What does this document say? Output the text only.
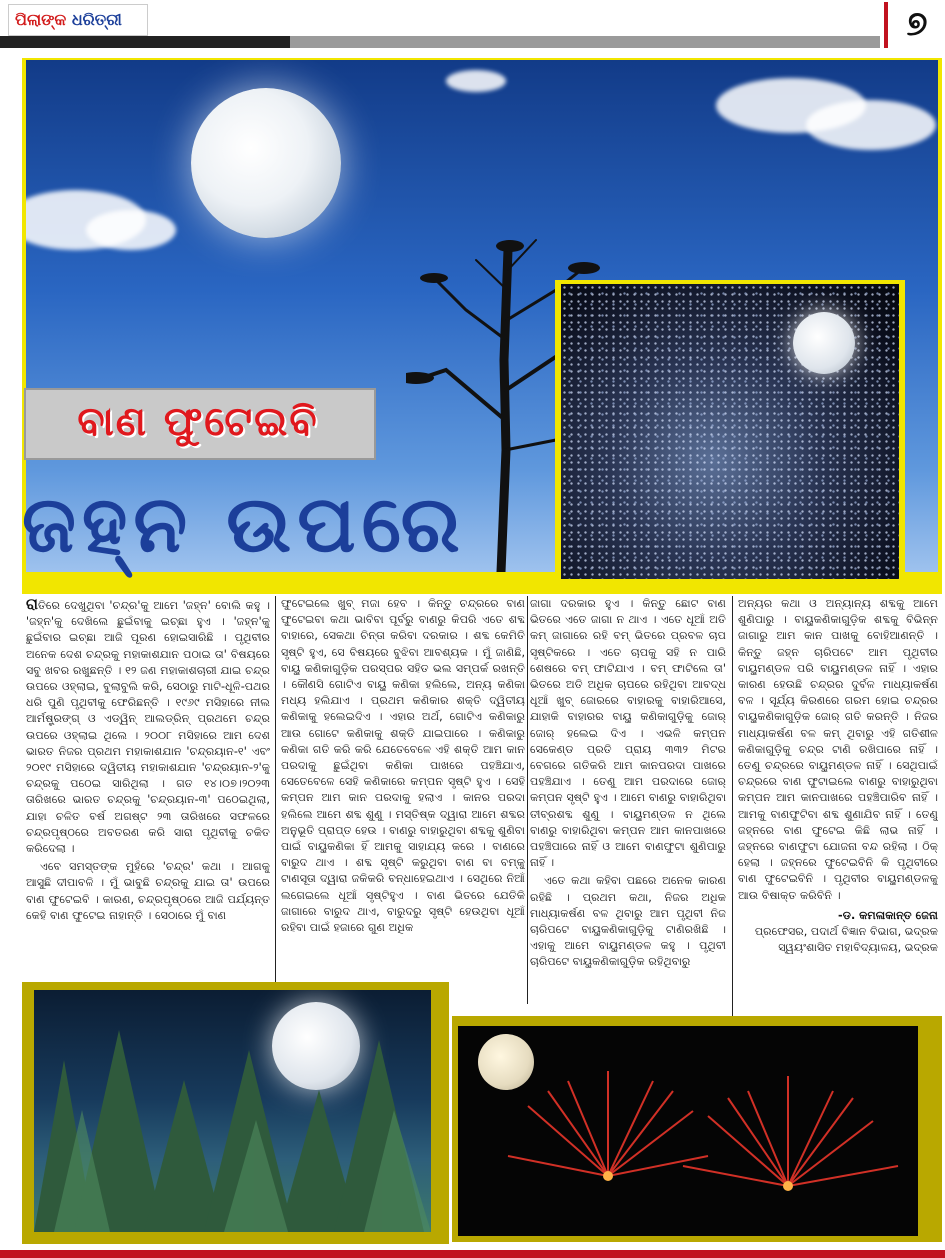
ପିଲାଙ୍କ ଧରିତ୍ରୀ	୭
ବାଣ ଫୁଟେଇବି
ଜହ୍ନ ଉପରେ

ରାତିରେ ଦେଖୁଥିବା 'ଚନ୍ଦ୍ର'କୁ ଆମେ 'ଜହ୍ନ' ବୋଲି କହୁ । 'ଜହ୍ନ'କୁ ଦେଖିଲେ ଛୁଇଁବାକୁ ଇଚ୍ଛା ହୁଏ । 'ଜହ୍ନ'କୁ ଛୁଇଁବାର ଇଚ୍ଛା ଆଜି ପୂରଣ ହୋଇସାରିଛି । ପୃଥିବୀର ଅନେକ ଦେଶ ଚନ୍ଦ୍ରକୁ ମହାକାଶଯାନ ପଠାଇ ତା' ବିଷୟରେ ସବୁ ଖବର ରଖୁଛନ୍ତି । ୧୨ ଜଣ ମହାକାଶଚାରୀ ଯାଇ ଚନ୍ଦ୍ର ଉପରେ ଓହ୍ଲାଇ, ବୁଲାବୁଲି କରି, ସେଠାରୁ ମାଟି-ଧୂଳି-ପଥର ଧରି ପୁଣି ପୃଥିବୀକୁ ଫେରିଛନ୍ତି । ୧୯୬୯ ମସିହାରେ ନୀଲ ଆର୍ମଷ୍ଟ୍ରଙ୍ଗ୍ ଓ ଏଡ୍ୱିନ୍ ଆଲଡ୍ରିନ୍ ପ୍ରଥମେ ଚନ୍ଦ୍ର ଉପରେ ଓହ୍ଲାଇ ଥିଲେ । ୨୦୦୮ ମସିହାରେ ଆମ ଦେଶ ଭାରତ ନିଜର ପ୍ରଥମ ମହାକାଶଯାନ 'ଚନ୍ଦ୍ରୟାନ-୧' ଏବଂ ୨୦୧୯ ମସିହାରେ ଦ୍ୱିତୀୟ ମହାକାଶଯାନ 'ଚନ୍ଦ୍ରୟାନ-୨'କୁ ଚନ୍ଦ୍ରକୁ ପଠେଇ ସାରିଥିଲା । ଗତ ୧୪।୦୭।୨୦୨୩ ତାରିଖରେ ଭାରତ ଚନ୍ଦ୍ରକୁ 'ଚନ୍ଦ୍ରୟାନ-୩' ପଠେଇଥିଲା, ଯାହା ଚଳିତ ବର୍ଷ ଅଗଷ୍ଟ ୨୩ ତାରିଖରେ ସଫଳରେ ଚନ୍ଦ୍ରପୃଷ୍ଠରେ ଅବତରଣ କରି ସାରା ପୃଥିବୀକୁ ଚକିତ କରିଦେଲା ।

ଏବେ ସମସ୍ତଙ୍କ ମୁହଁରେ 'ଚନ୍ଦ୍ର' କଥା । ଆଗକୁ ଆସୁଛି ଦୀପାବଳି । ମୁଁ ଭାବୁଛି ଚନ୍ଦ୍ରକୁ ଯାଇ ତା' ଉପରେ ବାଣ ଫୁଟେଇବି । କାରଣ, ଚନ୍ଦ୍ରପୃଷ୍ଠରେ ଆଜି ପର୍ଯ୍ୟନ୍ତ କେହି ବାଣ ଫୁଟେଇ ନାହାନ୍ତି । ସେଠାରେ ମୁଁ ବାଣ

ଫୁଟେଇଲେ ଖୁବ୍ ମଜା ହେବ । କିନ୍ତୁ ଚନ୍ଦ୍ରରେ ବାଣ ଫୁଟେଇବା କଥା ଭାବିବା ପୂର୍ବରୁ ବାଣରୁ କିପରି ଏତେ ଶବ୍ଦ ବାହାରେ, ସେକଥା ଚିନ୍ତା କରିବା ଦରକାର । ଶବ୍ଦ କେମିତି ସୃଷ୍ଟି ହୁଏ, ସେ ବିଷୟରେ ବୁଝିବା ଆବଶ୍ୟକ । ମୁଁ ଜାଣିଛି, ବାୟୁ କଣିକାଗୁଡ଼ିକ ପରସ୍ପର ସହିତ ଭଲ ସମ୍ପର୍କ ରଖନ୍ତି । କୌଣସି ଗୋଟିଏ ବାୟୁ କଣିକା ହଲିଲେ, ଅନ୍ୟ କଣିକା ମଧ୍ୟ ହଲିଯାଏ । ପ୍ରଥମ କଣିକାର ଶକ୍ତି ଦ୍ୱିତୀୟ କଣିକାକୁ ହଲେଇଦିଏ । ଏହାର ଅର୍ଥ, ଗୋଟିଏ କଣିକାରୁ ଆଉ ଗୋଟେ କଣିକାକୁ ଶକ୍ତି ଯାଇପାରେ । କଣିକାରୁ କଣିକା ଗତି କରି କରି ଯେତେବେଳେ ଏହି ଶକ୍ତି ଆମ କାନ ପରଦାକୁ ଛୁଇଁଥିବା କଣିକା ପାଖରେ ପହଞ୍ଚିଯାଏ, ସେତେବେଳେ ସେହି କଣିକାରେ କମ୍ପନ ସୃଷ୍ଟି ହୁଏ । ସେହି କମ୍ପନ ଆମ କାନ ପରଦାକୁ ହଲାଏ । କାନର ପରଦା ହଲିଲେ ଆମେ ଶବ୍ଦ ଶୁଣୁ । ମସ୍ତିଷ୍କ ଦ୍ୱାରା ଆମେ ଶବ୍ଦର ଅନୁଭୂତି ପ୍ରାପ୍ତ ହେଉ । ବାଣରୁ ବାହାରୁଥିବା ଶବ୍ଦକୁ ଶୁଣିବା ପାଇଁ ବାୟୁକଣିକା ହିଁ ଆମକୁ ସାହାଯ୍ୟ କରେ । ବାଣରେ ବାରୁଦ ଥାଏ । ଶବ୍ଦ ସୃଷ୍ଟି କରୁଥିବା ବାଣ ବା ବମ୍‌କୁ ଟାଣସୂତା ଦ୍ୱାରା ଜକିକରି ବନ୍ଧାହେଇଥାଏ । ସେଥିରେ ନିଆଁ ଲଗେଇଲେ ଧୂଆଁ ସୃଷ୍ଟିହୁଏ । ବାଣ ଭିତରେ ଯେତିକି ଜାଗାରେ ବାରୁଦ ଥାଏ, ବାରୁଦରୁ ସୃଷ୍ଟି ହେଉଥିବା ଧୂଆଁ ରହିବା ପାଇଁ ହଜାରେ ଗୁଣ ଅଧିକ

ଜାଗା ଦରକାର ହୁଏ । କିନ୍ତୁ ଛୋଟ ବାଣ ଭିତରେ ଏତେ ଜାଗା ନ ଥାଏ । ଏତେ ଧୂଆଁ ଅତି କମ୍ ଜାଗାରେ ରହି ବମ୍ ଭିତରେ ପ୍ରବଳ ଚାପ ସୃଷ୍ଟିକରେ । ଏତେ ଚାପକୁ ସହି ନ ପାରି ଶେଷରେ ବମ୍ ଫାଟିଯାଏ । ବମ୍ ଫାଟିଲେ ତା' ଭିତରେ ଅତି ଅଧିକ ଚାପରେ ରହିଥିବା ଆବଦ୍ଧ ଧୂଆଁ ଖୁବ୍ ଜୋରରେ ବାହାରକୁ ବାହାରିଆସେ, ଯାହାକି ବାହାରର ବାୟୁ କଣିକାଗୁଡ଼ିକୁ ଜୋର୍ ଜୋର୍ ହଲେଇ ଦିଏ । ଏଭଳି କମ୍ପନ ସେକେଣ୍ଡ ପ୍ରତି ପ୍ରାୟ ୩୩୨ ମିଟର ବେଗରେ ଗତିକରି ଆମ କାନପରଦା ପାଖରେ ପହଞ୍ଚିଯାଏ । ତେଣୁ ଆମ ପରଦାରେ ଜୋର୍ କମ୍ପନ ସୃଷ୍ଟି ହୁଏ । ଆମେ ବାଣରୁ ବାହାରିଥିବା ତୀବ୍ରଶବ୍ଦ ଶୁଣୁ । ବାୟୁମଣ୍ଡଳ ନ ଥିଲେ ବାଣରୁ ବାହାରିଥିବା କମ୍ପନ ଆମ କାନପାଖରେ ପହଞ୍ଚିପାରେ ନାହିଁ ଓ ଆମେ ବାଣଫୁଟା ଶୁଣିପାରୁ ନାହିଁ ।

ଏତେ କଥା କହିବା ପଛରେ ଅନେକ କାରଣ ରହିଛି । ପ୍ରଥମ କଥା, ନିଜର ଅଧିକ ମାଧ୍ୟାକର୍ଷଣ ବଳ ଥିବାରୁ ଆମ ପୃଥିବୀ ନିଜ ଚାରିପଟେ ବାୟୁକଣିକାଗୁଡ଼ିକୁ ଟାଣିରଖିଛି । ଏହାକୁ ଆମେ ବାୟୁମଣ୍ଡଳ କହୁ । ପୃଥିବୀ ଚାରିପଟେ ବାୟୁକଣିକାଗୁଡ଼ିକ ରହିଥିବାରୁ

ଅନ୍ୟର କଥା ଓ ଅନ୍ୟାନ୍ୟ ଶବ୍ଦକୁ ଆମେ ଶୁଣିପାରୁ । ବାୟୁକଣିକାଗୁଡ଼ିକ ଶବ୍ଦକୁ ବିଭିନ୍ନ ଜାଗାରୁ ଆମ କାନ ପାଖକୁ ବୋହିଆଣନ୍ତି । କିନ୍ତୁ ଜହ୍ନ ଚାରିପଟେ ଆମ ପୃଥିବୀର ବାୟୁମଣ୍ଡଳ ପରି ବାୟୁମଣ୍ଡଳ ନାହିଁ । ଏହାର କାରଣ ହେଉଛି ଚନ୍ଦ୍ରର ଦୁର୍ବଳ ମାଧ୍ୟାକର୍ଷଣ ବଳ । ସୂର୍ଯ୍ୟ କିରଣରେ ଗରମ ହୋଇ ଚନ୍ଦ୍ରର ବାୟୁକଣିକାଗୁଡ଼ିକ ଜୋର୍ ଗତି କରନ୍ତି । ନିଜର ମାଧ୍ୟାକର୍ଷଣ ବଳ କମ୍ ଥିବାରୁ ଏହି ଗତିଶୀଳ କଣିକାଗୁଡ଼ିକୁ ଚନ୍ଦ୍ର ଟାଣି ରଖିପାରେ ନାହିଁ । ତେଣୁ ଚନ୍ଦ୍ରରେ ବାୟୁମଣ୍ଡଳ ନାହିଁ । ସେଥିପାଇଁ ଚନ୍ଦ୍ରରେ ବାଣ ଫୁଟାଇଲେ ବାଣରୁ ବାହାରୁଥିବା କମ୍ପନ ଆମ କାନପାଖରେ ପହଞ୍ଚିପାରିବ ନାହିଁ । ଆମକୁ ବାଣଫୁଟିବା ଶବ୍ଦ ଶୁଣାଯିବ ନାହିଁ । ତେଣୁ ଜହ୍ନରେ ବାଣ ଫୁଟେଇ କିଛି ଲାଭ ନାହିଁ । ଜହ୍ନରେ ବାଣଫୁଟା ଯୋଜନା ବନ୍ଦ ରହିଲା । ଠିକ୍ ହେଲା । ଜହ୍ନରେ ଫୁଟେଇବିନି କି ପୃଥିବୀରେ ବାଣ ଫୁଟେଇବିନି । ପୃଥିବୀର ବାୟୁମଣ୍ଡଳକୁ ଆଉ ବିଷାକ୍ତ କରିବିନି ।

-ଡ. କମଳାକାନ୍ତ ଜେନା
ପ୍ରଫେସର, ପଦାର୍ଥ ବିଜ୍ଞାନ ବିଭାଗ, ଭଦ୍ରକ
ସ୍ୱୟଂଶାସିତ ମହାବିଦ୍ୟାଳୟ, ଭଦ୍ରକ
